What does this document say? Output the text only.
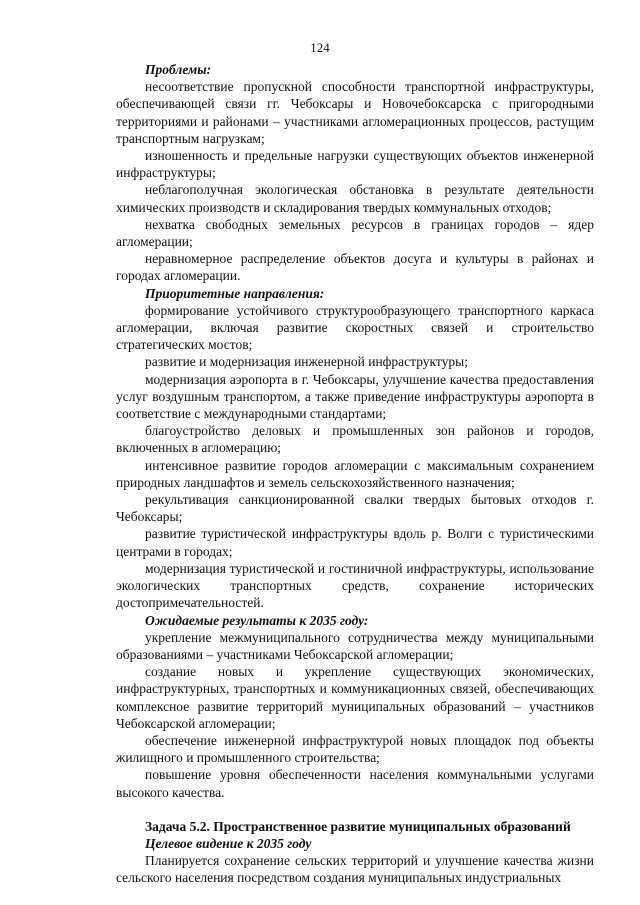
124
Проблемы:

несоответствие пропускной способности транспортной инфраструктуры, обеспечивающей связи гг. Чебоксары и Новочебоксарска с пригородными территориями и районами – участниками агломерационных процессов, растущим транспортным нагрузкам;

изношенность и предельные нагрузки существующих объектов инженерной инфраструктуры;

неблагополучная экологическая обстановка в результате деятельности химических производств и складирования твердых коммунальных отходов;

нехватка свободных земельных ресурсов в границах городов – ядер агломерации;

неравномерное распределение объектов досуга и культуры в районах и городах агломерации.

Приоритетные направления:

формирование устойчивого структурообразующего транспортного каркаса агломерации, включая развитие скоростных связей и строительство стратегических мостов;

развитие и модернизация инженерной инфраструктуры;

модернизация аэропорта в г. Чебоксары, улучшение качества предоставления услуг воздушным транспортом, а также приведение инфраструктуры аэропорта в соответствие с международными стандартами;

благоустройство деловых и промышленных зон районов и городов, включенных в агломерацию;

интенсивное развитие городов агломерации с максимальным сохранением природных ландшафтов и земель сельскохозяйственного назначения;

рекультивация санкционированной свалки твердых бытовых отходов г. Чебоксары;

развитие туристической инфраструктуры вдоль р. Волги с туристическими центрами в городах;

модернизация туристической и гостиничной инфраструктуры, использование экологических транспортных средств, сохранение исторических достопримечательностей.

Ожидаемые результаты к 2035 году:

укрепление межмуниципального сотрудничества между муниципальными образованиями – участниками Чебоксарской агломерации;

создание новых и укрепление существующих экономических, инфраструктурных, транспортных и коммуникационных связей, обеспечивающих комплексное развитие территорий муниципальных образований – участников Чебоксарской агломерации;

обеспечение инженерной инфраструктурой новых площадок под объекты жилищного и промышленного строительства;

повышение уровня обеспеченности населения коммунальными услугами высокого качества.

Задача 5.2. Пространственное развитие муниципальных образований
Целевое видение к 2035 году

Планируется сохранение сельских территорий и улучшение качества жизни сельского населения посредством создания муниципальных индустриальных
